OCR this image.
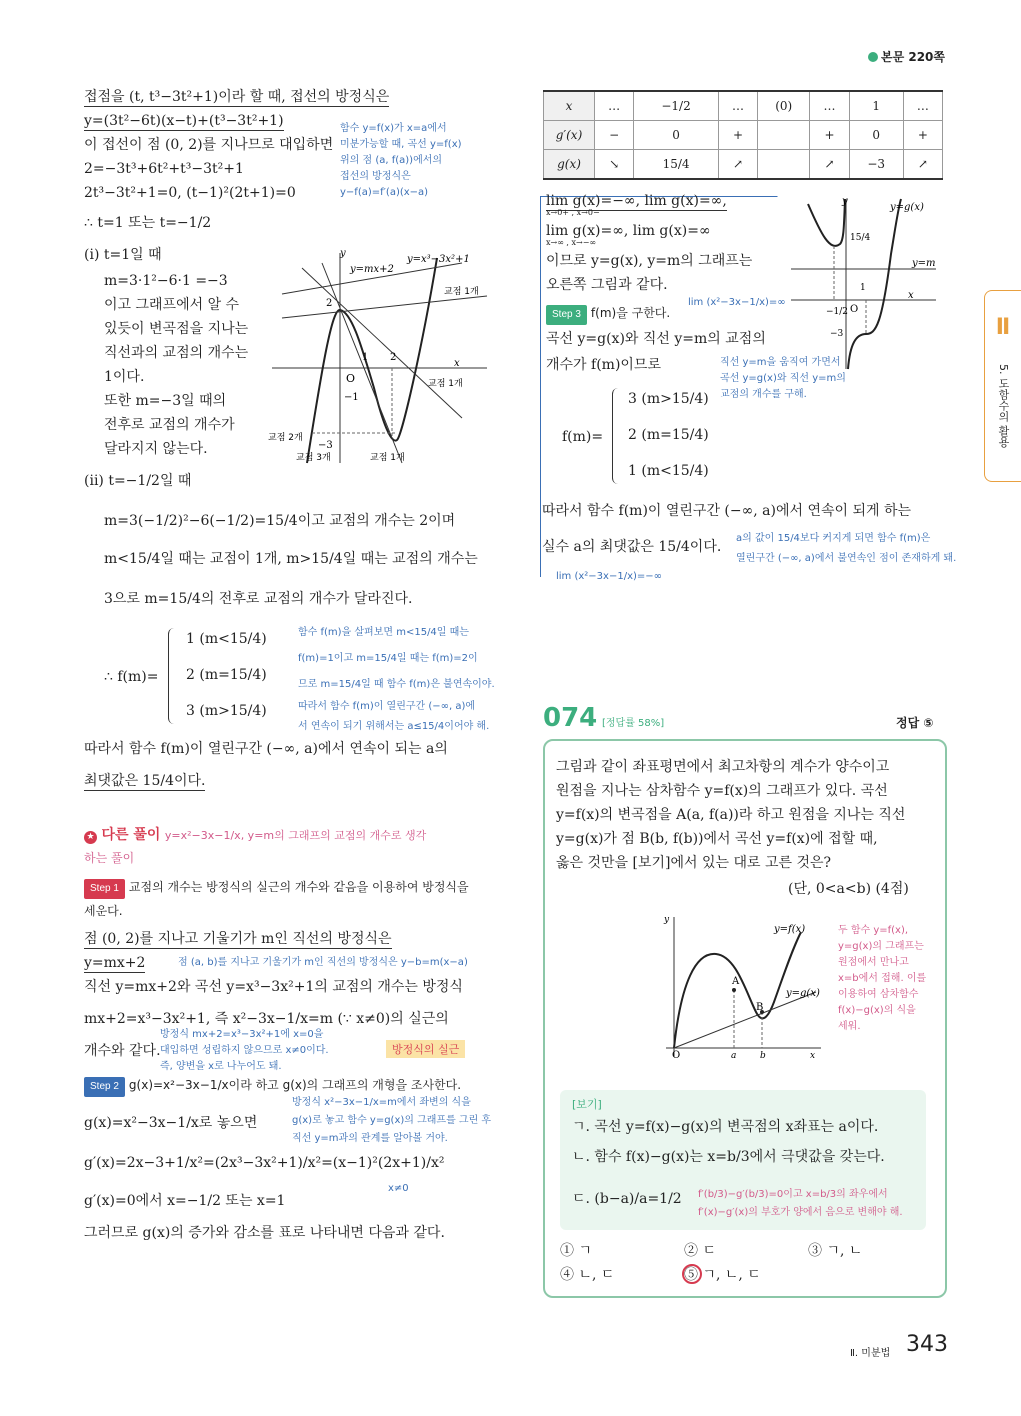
본문 220쪽
접점을 (t, t³−3t²+1)이라 할 때, 접선의 방정식은
y=(3t²−6t)(x−t)+(t³−3t²+1)
이 접선이 점 (0, 2)를 지나므로 대입하면
2=−3t³+6t²+t³−3t²+1
2t³−3t²+1=0, (t−1)²(2t+1)=0
∴ t=1 또는 t=−1/2
함수 y=f(x)가 x=a에서
미분가능할 때, 곡선 y=f(x)
위의 점 (a, f(a))에서의
접선의 방정식은
y−f(a)=f′(a)(x−a)
(i) t=1일 때
m=3·1²−6·1 =−3
이고 그래프에서 알 수
있듯이 변곡점을 지나는
직선과의 교점의 개수는
1이다.
또한 m=−3일 때의
전후로 교점의 개수가
달라지지 않는다.
y
x
O
2
1 2
−1
−3
y=x³−3x²+1
y=mx+2
교점 1개
교점 1개
교점 2개
교점 3개	교점 1개
(ii) t=−1/2일 때
m=3(−1/2)²−6(−1/2)=15/4이고 교점의 개수는 2이며
m<15/4일 때는 교점이 1개, m>15/4일 때는 교점의 개수는
3으로 m=15/4의 전후로 교점의 개수가 달라진다.
∴ f(m)=
1 (m<15/4)
2 (m=15/4)
3 (m>15/4)
함수 f(m)을 살펴보면 m<15/4일 때는
f(m)=1이고 m=15/4일 때는 f(m)=2이
므로 m=15/4일 때 함수 f(m)은 불연속이야.
따라서 함수 f(m)이 열린구간 (−∞, a)에
서 연속이 되기 위해서는 a≤15/4이어야 해.
따라서 함수 f(m)이 열린구간 (−∞, a)에서 연속이 되는 a의
최댓값은 15/4이다.
★ 다른 풀이 y=x²−3x−1/x, y=m의 그래프의 교점의 개수로 생각
하는 풀이
Step 1 교점의 개수는 방정식의 실근의 개수와 같음을 이용하여 방정식을
세운다.
점 (0, 2)를 지나고 기울기가 m인 직선의 방정식은
y=mx+2	점 (a, b)를 지나고 기울기가 m인 직선의 방정식은 y−b=m(x−a)
직선 y=mx+2와 곡선 y=x³−3x²+1의 교점의 개수는 방정식
mx+2=x³−3x²+1, 즉 x²−3x−1/x=m (∵ x≠0)의 실근의
방정식 mx+2=x³−3x²+1에 x=0을
대입하면 성립하지 않으므로 x≠0이다.
즉, 양변을 x로 나누어도 돼.
개수와 같다.	방정식의 실근
Step 2 g(x)=x²−3x−1/x이라 하고 g(x)의 그래프의 개형을 조사한다.
g(x)=x²−3x−1/x로 놓으면
방정식 x²−3x−1/x=m에서 좌변의 식을
g(x)로 놓고 함수 y=g(x)의 그래프를 그린 후
직선 y=m과의 관계를 알아볼 거야.
g′(x)=2x−3+1/x²=(2x³−3x²+1)/x²=(x−1)²(2x+1)/x²
x≠0
g′(x)=0에서 x=−1/2 또는 x=1
그러므로 g(x)의 증가와 감소를 표로 나타내면 다음과 같다.
x	…	−1/2	…	(0)	…	1	…
g′(x)	−	0	+		+	0	+
g(x)	↘	15/4	↗		↗	−3	↗
lim g(x)=−∞, lim g(x)=∞,
x→0+ , x→0−
lim g(x)=∞, lim g(x)=∞
x→∞ , x→−∞
이므로 y=g(x), y=m의 그래프는
오른쪽 그림과 같다.
Step 3 f(m)을 구한다.
lim (x²−3x−1/x)=∞
곡선 y=g(x)와 직선 y=m의 교점의
개수가 f(m)이므로	직선 y=m을 움직여 가면서
곡선 y=g(x)와 직선 y=m의
교점의 개수를 구해.
f(m)=
3 (m>15/4)
2 (m=15/4)
1 (m<15/4)
y=g(x)
y=m
15/4
1
−1/2 O
x
y
−3
따라서 함수 f(m)이 열린구간 (−∞, a)에서 연속이 되게 하는
실수 a의 최댓값은 15/4이다.
a의 값이 15/4보다 커지게 되면 함수 f(m)은
열린구간 (−∞, a)에서 불연속인 점이 존재하게 돼.
lim (x²−3x−1/x)=−∞
074 [정답률 58%]	정답 ⑤
그림과 같이 좌표평면에서 최고차항의 계수가 양수이고
원점을 지나는 삼차함수 y=f(x)의 그래프가 있다. 곡선
y=f(x)의 변곡점을 A(a, f(a))라 하고 원점을 지나는 직선
y=g(x)가 점 B(b, f(b))에서 곡선 y=f(x)에 접할 때,
옳은 것만을 [보기]에서 있는 대로 고른 것은?
(단, 0<a<b) (4점)
y=f(x)
y=g(x)
A
B
O	a	b	x
y
두 함수 y=f(x),
y=g(x)의 그래프는
원점에서 만나고
x=b에서 접해. 이를
이용하여 삼차함수
f(x)−g(x)의 식을
세워.
[보기]
ㄱ. 곡선 y=f(x)−g(x)의 변곡점의 x좌표는 a이다.
ㄴ. 함수 f(x)−g(x)는 x=b/3에서 극댓값을 갖는다.
ㄷ. (b−a)/a=1/2 f′(b/3)−g′(b/3)=0이고 x=b/3의 좌우에서
f′(x)−g′(x)의 부호가 양에서 음으로 변해야 해.
① ㄱ	② ㄷ	③ ㄱ, ㄴ
④ ㄴ, ㄷ	⑤ ㄱ, ㄴ, ㄷ
Ⅱ
5. 도함수의 활용
Ⅱ. 미분법 343
